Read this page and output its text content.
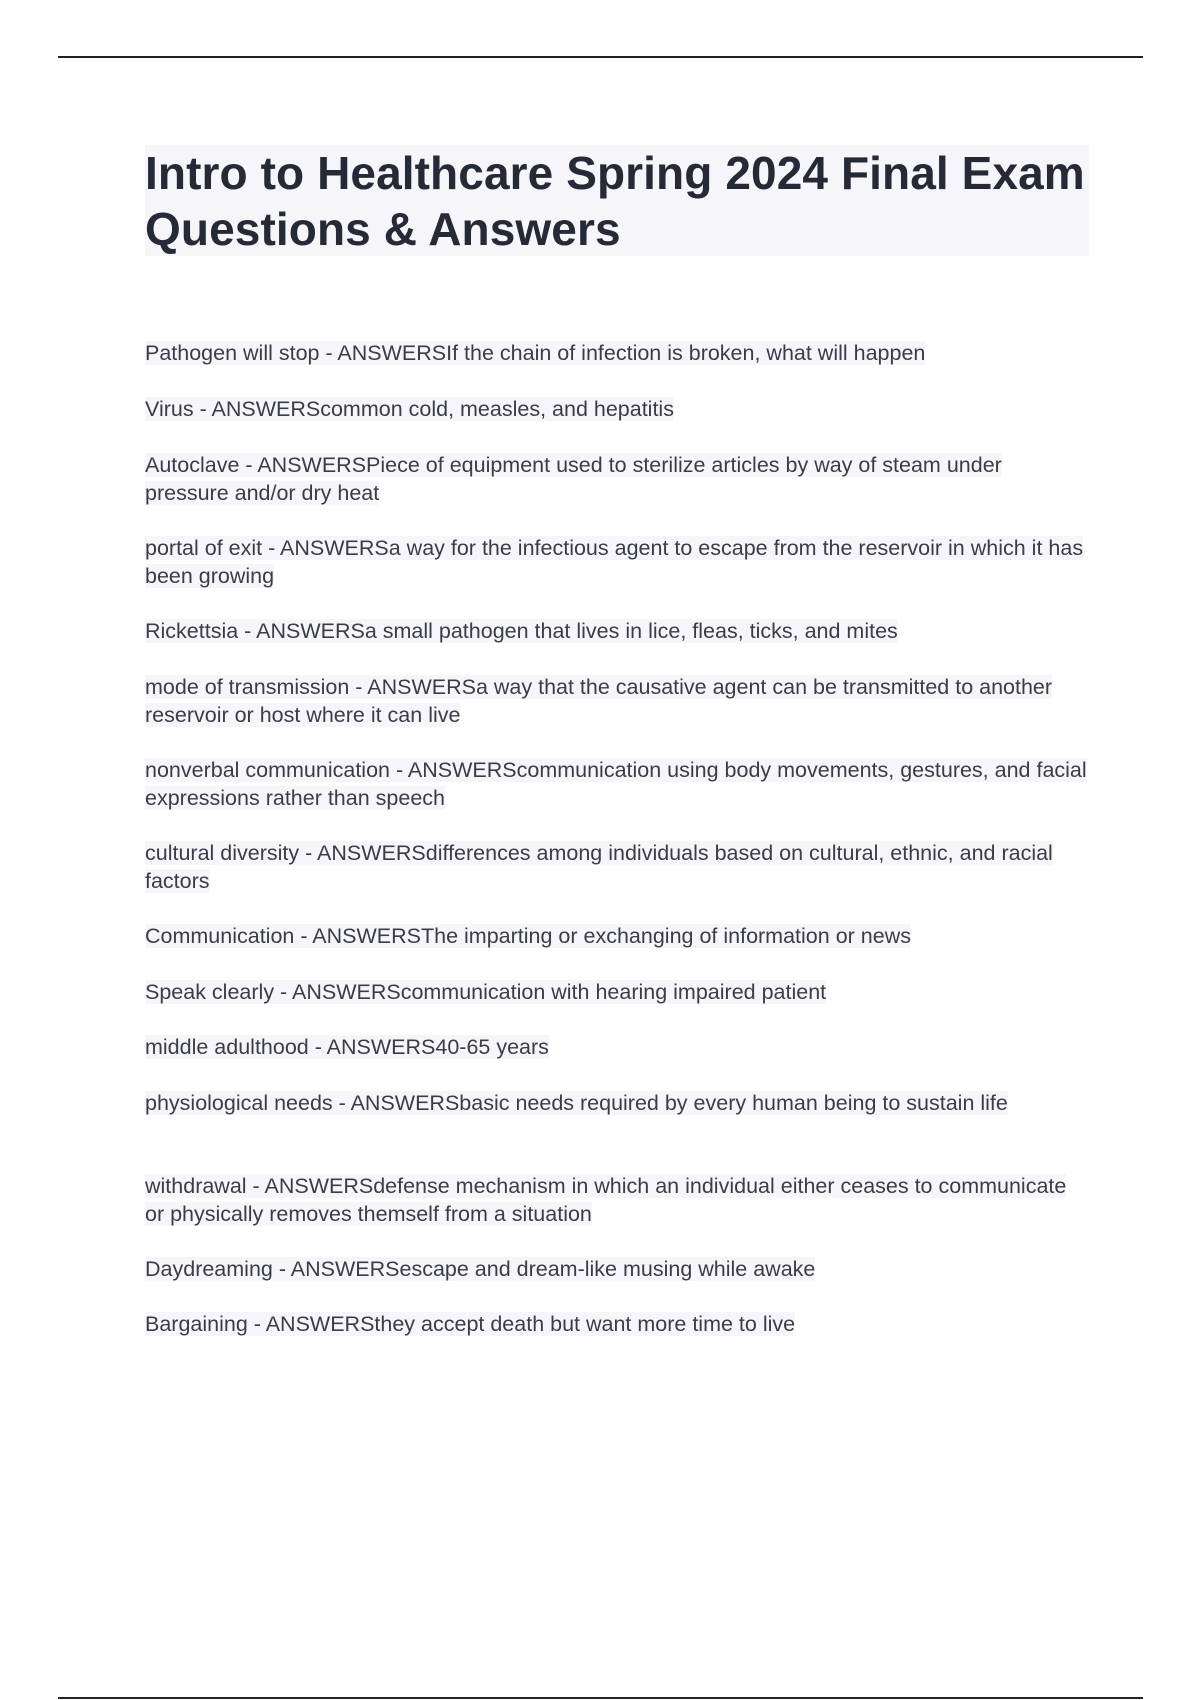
Intro to Healthcare Spring 2024 Final Exam Questions & Answers
Pathogen will stop - ANSWERSIf the chain of infection is broken, what will happen
Virus - ANSWERScommon cold, measles, and hepatitis
Autoclave - ANSWERSPiece of equipment used to sterilize articles by way of steam under pressure and/or dry heat
portal of exit - ANSWERSa way for the infectious agent to escape from the reservoir in which it has been growing
Rickettsia - ANSWERSa small pathogen that lives in lice, fleas, ticks, and mites
mode of transmission - ANSWERSa way that the causative agent can be transmitted to another reservoir or host where it can live
nonverbal communication - ANSWERScommunication using body movements, gestures, and facial expressions rather than speech
cultural diversity - ANSWERSdifferences among individuals based on cultural, ethnic, and racial factors
Communication - ANSWERSThe imparting or exchanging of information or news
Speak clearly - ANSWERScommunication with hearing impaired patient
middle adulthood - ANSWERS40-65 years
physiological needs - ANSWERSbasic needs required by every human being to sustain life
withdrawal - ANSWERSdefense mechanism in which an individual either ceases to communicate or physically removes themself from a situation
Daydreaming - ANSWERSescape and dream-like musing while awake
Bargaining - ANSWERSthey accept death but want more time to live
